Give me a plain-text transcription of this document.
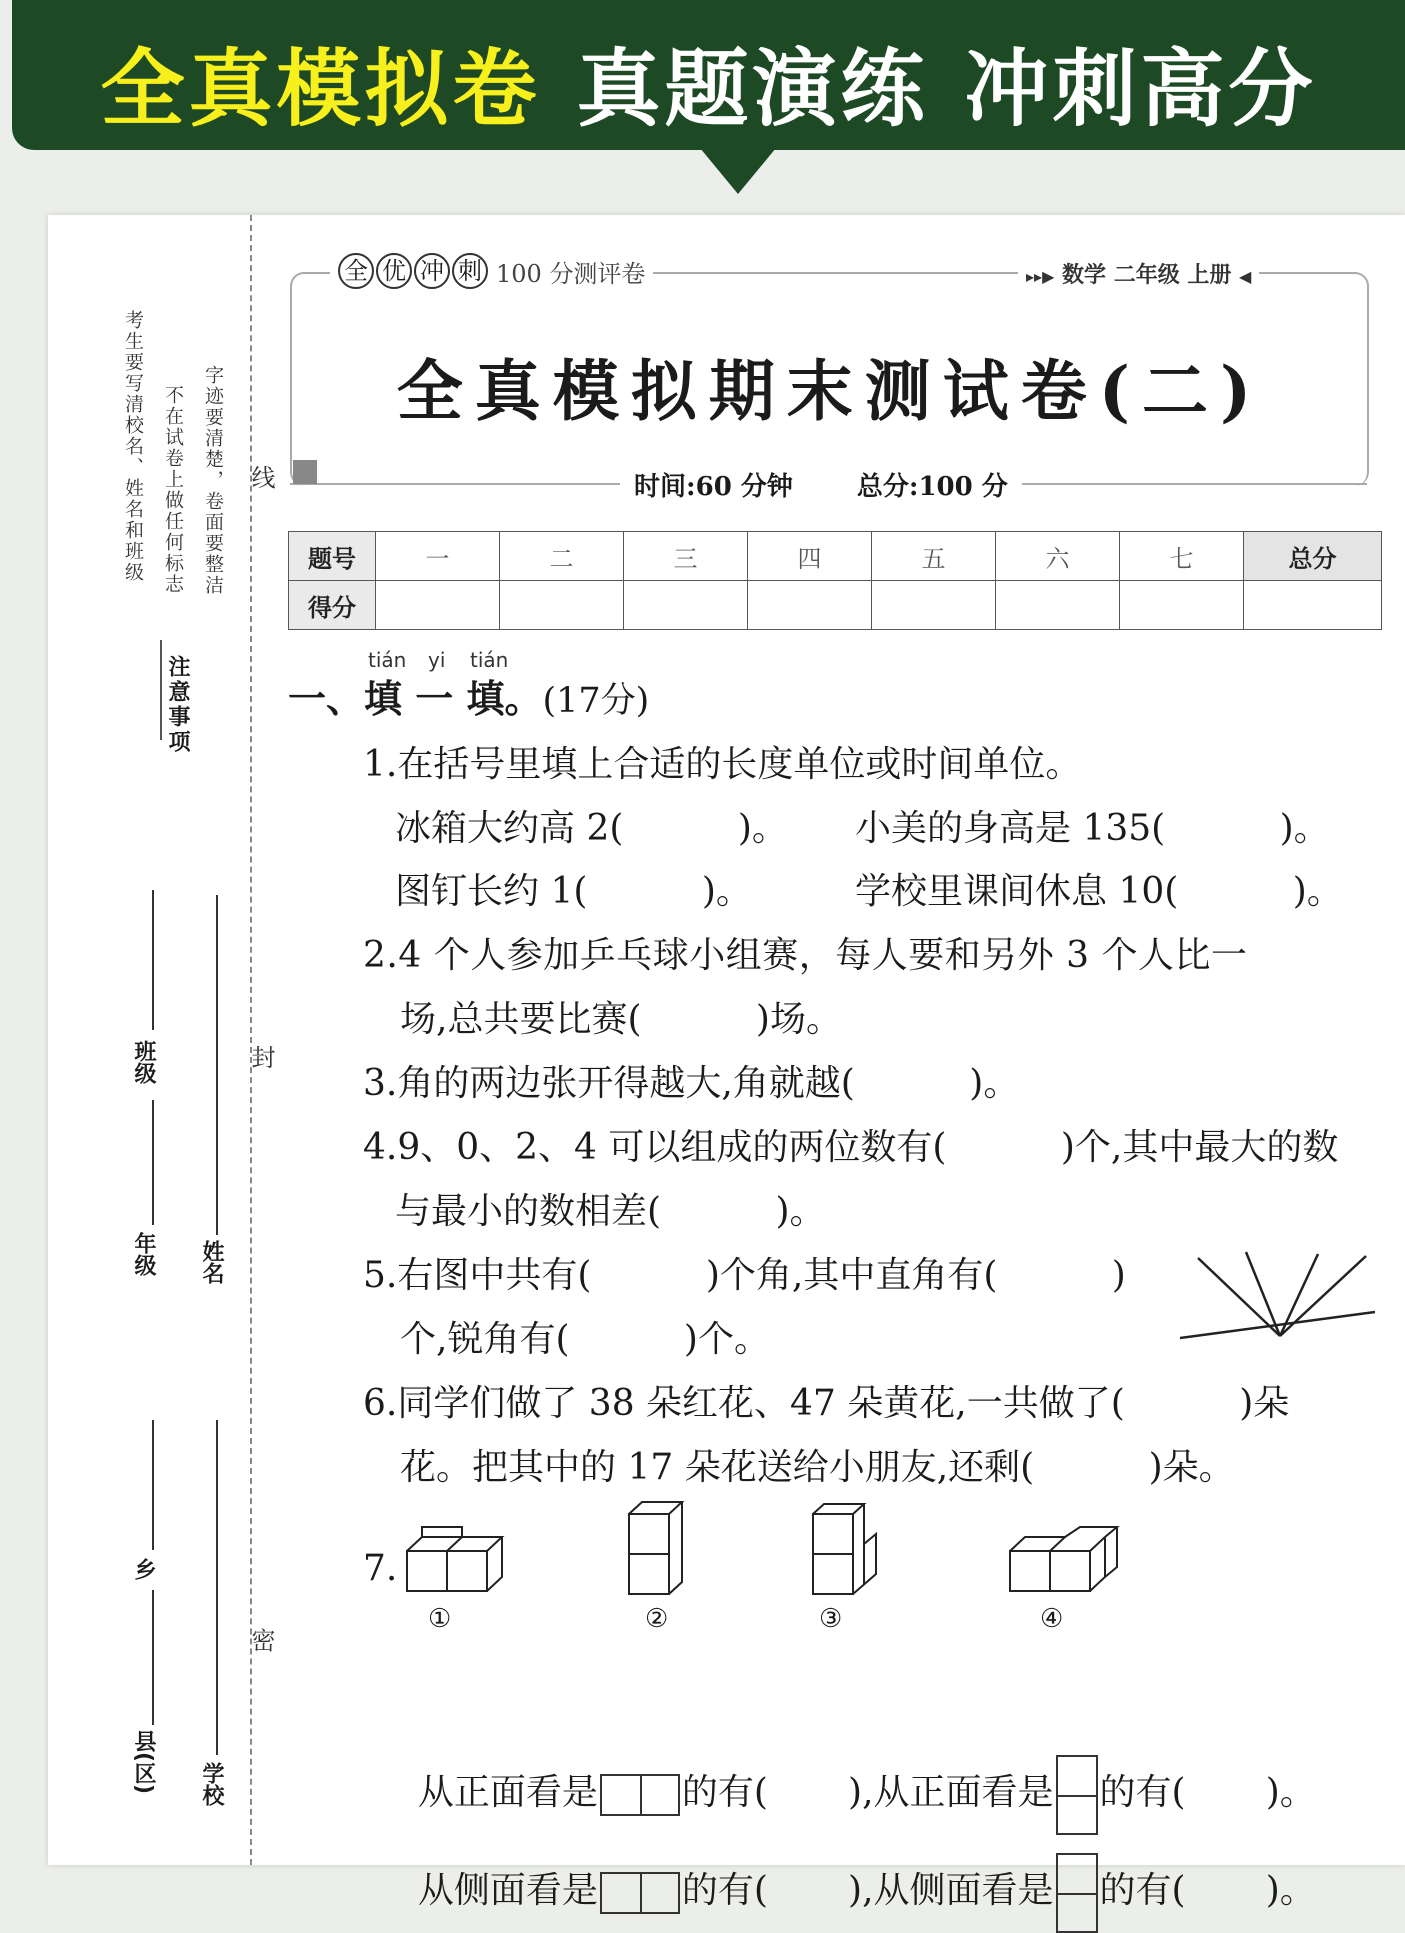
全真模拟卷 真题演练 冲刺高分
线
封
密
考生要写清校名、姓名和班级 不在试卷上做任何标志 字迹要清楚，卷面要整洁
注意事项
班级
年级 姓名
乡
县(区) 学校
全 优 冲 刺 100 分测评卷	▸▸▶ 数学 二年级 上册 ◀
全真模拟期末测试卷(二)
时间:60 分钟 总分:100 分
题号	一	二	三	四	五	六	七	总分
得分								
tián yi tián
一、填 一 填。(17分)
1.在括号里填上合适的长度单位或时间单位。
冰箱大约高 2(          )。 小美的身高是 135(          )。
图钉长约 1(          )。	学校里课间休息 10(          )。
2.4 个人参加乒乓球小组赛，每人要和另外 3 个人比一
场,总共要比赛(          )场。
3.角的两边张开得越大,角就越(          )。
4.9、0、2、4 可以组成的两位数有(          )个,其中最大的数
与最小的数相差(          )。
5.右图中共有(          )个角,其中直角有(          )
个,锐角有(          )个。
6.同学们做了 38 朵红花、47 朵黄花,一共做了(          )朵
花。把其中的 17 朵花送给小朋友,还剩(          )朵。
7.
①	②	③	④

从正面看是 的有(       ),从正面看是 的有(       )。

从侧面看是 的有(       ),从侧面看是 的有(       )。
